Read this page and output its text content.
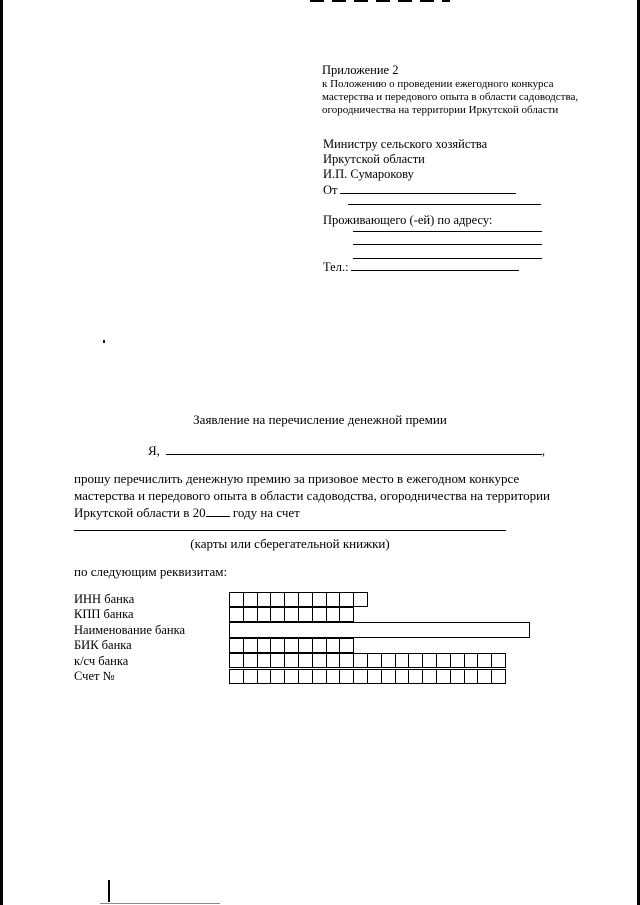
Приложение 2
к Положению о проведении ежегодного конкурса
мастерства и передового опыта в области садоводства,
огородничества на территории Иркутской области
Министру сельского хозяйства
Иркутской области
И.П. Сумарокову
От
Проживающего (-ей) по адресу:
Тел.:
Заявление на перечисление денежной премии
Я,	,
прошу перечислить денежную премию за призовое место в ежегодном конкурсе
мастерства и передового опыта в области садоводства, огородничества на территории
Иркутской области в 20 году на счет
(карты или сберегательной книжки)
по следующим реквизитам:
ИНН банка
КПП банка
Наименование банка
БИК банка
к/сч банка
Счет №
